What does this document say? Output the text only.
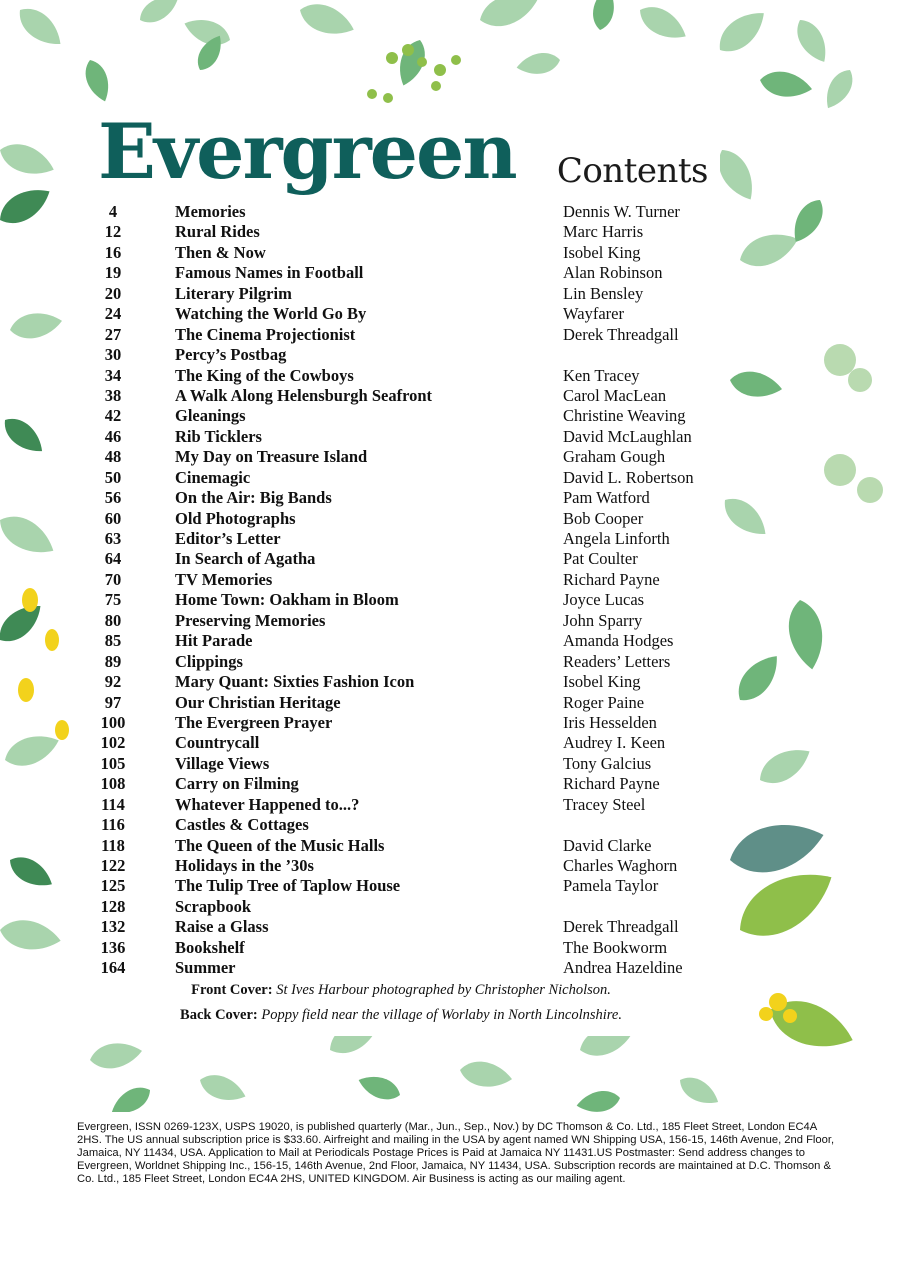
Evergreen Contents
4	Memories	Dennis W. Turner
12	Rural Rides	Marc Harris
16	Then & Now	Isobel King
19	Famous Names in Football	Alan Robinson
20	Literary Pilgrim	Lin Bensley
24	Watching the World Go By	Wayfarer
27	The Cinema Projectionist	Derek Threadgall
30	Percy’s Postbag
34	The King of the Cowboys	Ken Tracey
38	A Walk Along Helensburgh Seafront	Carol MacLean
42	Gleanings	Christine Weaving
46	Rib Ticklers	David McLaughlan
48	My Day on Treasure Island	Graham Gough
50	Cinemagic	David L. Robertson
56	On the Air: Big Bands	Pam Watford
60	Old Photographs	Bob Cooper
63	Editor’s Letter	Angela Linforth
64	In Search of Agatha	Pat Coulter
70	TV Memories	Richard Payne
75	Home Town: Oakham in Bloom	Joyce Lucas
80	Preserving Memories	John Sparry
85	Hit Parade	Amanda Hodges
89	Clippings	Readers’ Letters
92	Mary Quant: Sixties Fashion Icon	Isobel King
97	Our Christian Heritage	Roger Paine
100	The Evergreen Prayer	Iris Hesselden
102	Countrycall	Audrey I. Keen
105	Village Views	Tony Galcius
108	Carry on Filming	Richard Payne
114	Whatever Happened to...?	Tracey Steel
116	Castles & Cottages
118	The Queen of the Music Halls	David Clarke
122	Holidays in the ’30s	Charles Waghorn
125	The Tulip Tree of Taplow House	Pamela Taylor
128	Scrapbook
132	Raise a Glass	Derek Threadgall
136	Bookshelf	The Bookworm
164	Summer	Andrea Hazeldine
Front Cover: St Ives Harbour photographed by Christopher Nicholson.
Back Cover: Poppy field near the village of Worlaby in North Lincolnshire.
Evergreen, ISSN 0269-123X, USPS 19020, is published quarterly (Mar., Jun., Sep., Nov.) by DC Thomson & Co. Ltd., 185 Fleet Street, London EC4A 2HS. The US annual subscription price is $33.60. Airfreight and mailing in the USA by agent named WN Shipping USA, 156-15, 146th Avenue, 2nd Floor, Jamaica, NY 11434, USA. Application to Mail at Periodicals Postage Prices is Paid at Jamaica NY 11431.US Postmaster: Send address changes to Evergreen, Worldnet Shipping Inc., 156-15, 146th Avenue, 2nd Floor, Jamaica, NY 11434, USA. Subscription records are maintained at D.C. Thomson & Co. Ltd., 185 Fleet Street, London EC4A 2HS, UNITED KINGDOM. Air Business is acting as our mailing agent.
